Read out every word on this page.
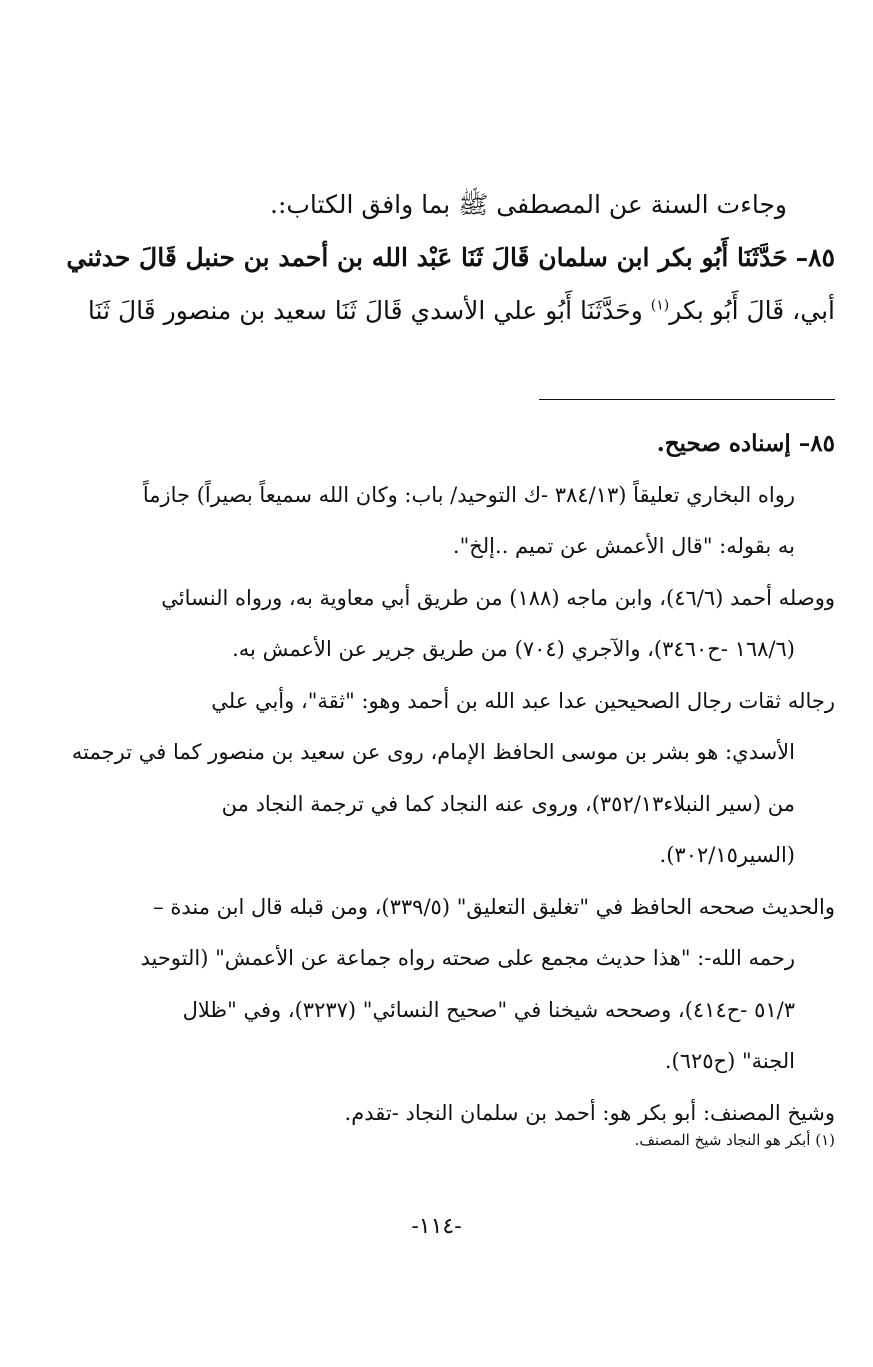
وجاءت السنة عن المصطفى ﷺ بما وافق الكتاب:.

٨٥– حَدَّثَنَا أَبُو بكر ابن سلمان قَالَ ثَنَا عَبْد الله بن أحمد بن حنبل قَالَ حدثني

أبي، قَالَ أَبُو بكر$^{(١)}$ وحَدَّثَنَا أَبُو علي الأسدي قَالَ ثَنَا سعيد بن منصور قَالَ ثَنَا

٨٥– إسناده صحيح.

رواه البخاري تعليقاً (٣٨٤/١٣ -ك التوحيد/ باب: وكان الله سميعاً بصيراً) جازماً

به بقوله: "قال الأعمش عن تميم ..إلخ".

ووصله أحمد (٤٦/٦)، وابن ماجه (١٨٨) من طريق أبي معاوية به، ورواه النسائي

(١٦٨/٦ -ح٣٤٦٠)، والآجري (٧٠٤) من طريق جرير عن الأعمش به.

رجاله ثقات رجال الصحيحين عدا عبد الله بن أحمد وهو: "ثقة"، وأبي علي

الأسدي: هو بشر بن موسى الحافظ الإمام، روى عن سعيد بن منصور كما في ترجمته

من (سير النبلاء٣٥٢/١٣)، وروى عنه النجاد كما في ترجمة النجاد من

(السير٣٠٢/١٥).

والحديث صححه الحافظ في "تغليق التعليق" (٣٣٩/٥)، ومن قبله قال ابن مندة –

رحمه الله-: "هذا حديث مجمع على صحته رواه جماعة عن الأعمش" (التوحيد

٥١/٣ -ح٤١٤)، وصححه شيخنا في "صحيح النسائي" (٣٢٣٧)، وفي "ظلال

الجنة" (ح٦٢٥).

وشيخ المصنف: أبو بكر هو: أحمد بن سلمان النجاد -تقدم.

(١) أبكر هو النجاد شيخ المصنف.
-١١٤-
